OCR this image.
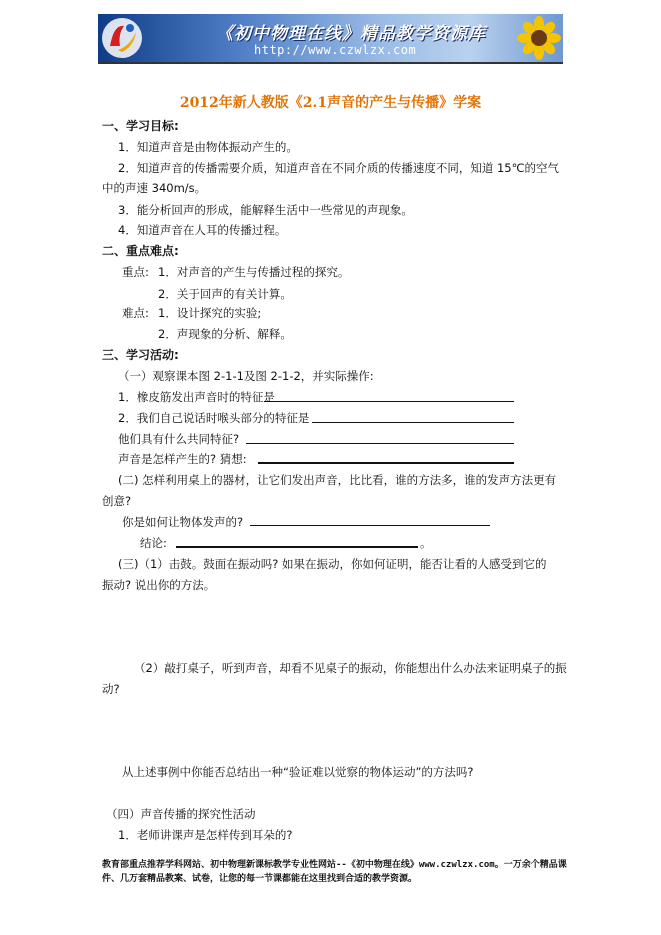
《初中物理在线》精品教学资源库
http://www.czwlzx.com
2012年新人教版《2.1声音的产生与传播》学案
一、学习目标:
1．知道声音是由物体振动产生的。
2．知道声音的传播需要介质，知道声音在不同介质的传播速度不同，知道 15℃的空气
中的声速 340m/s。
3．能分析回声的形成，能解释生活中一些常见的声现象。
4．知道声音在人耳的传播过程。
二、重点难点:
重点: 1．对声音的产生与传播过程的探究。
2．关于回声的有关计算。
难点: 1．设计探究的实验;
2．声现象的分析、解释。
三、学习活动:
（一）观察课本图 2-1-1及图 2-1-2，并实际操作:
1．橡皮筋发出声音时的特征是
2．我们自己说话时喉头部分的特征是
他们具有什么共同特征?
声音是怎样产生的? 猜想:
(二) 怎样利用桌上的器材，让它们发出声音，比比看，谁的方法多，谁的发声方法更有
创意?
你是如何让物体发声的?
结论:	。
(三)（1）击鼓。鼓面在振动吗? 如果在振动，你如何证明，能否让看的人感受到它的
振动? 说出你的方法。
（2）敲打桌子，听到声音，却看不见桌子的振动，你能想出什么办法来证明桌子的振
动?
从上述事例中你能否总结出一种“验证难以觉察的物体运动”的方法吗?
（四）声音传播的探究性活动
1．老师讲课声是怎样传到耳朵的?
教育部重点推荐学科网站、初中物理新课标教学专业性网站--《初中物理在线》www.czwlzx.com。一万余个精品课件、几万套精品教案、试卷，让您的每一节课都能在这里找到合适的教学资源。
